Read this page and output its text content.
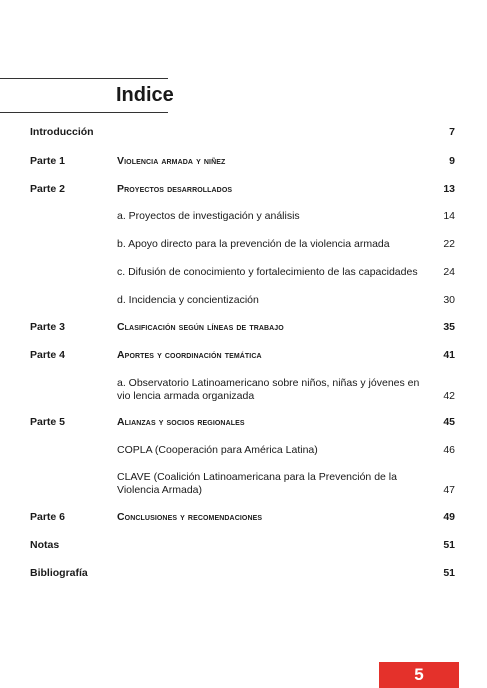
Indice
Introducción	7
Parte 1	Violencia armada y niñez	9
Parte 2	Proyectos desarrollados	13
a. Proyectos de investigación y análisis	14
b. Apoyo directo para la prevención de la violencia armada	22
c. Difusión de conocimiento y fortalecimiento de las capacidades	24
d. Incidencia y concientización	30
Parte 3	Clasificación según líneas de trabajo	35
Parte 4	Aportes y coordinación temática	41
a. Observatorio Latinoamericano sobre niños, niñas y jóvenes en vio lencia armada organizada	42
Parte 5	Alianzas y socios regionales	45
COPLA (Cooperación para América Latina)	46
CLAVE (Coalición Latinoamericana para la Prevención de la Violencia Armada)	47
Parte 6	Conclusiones y recomendaciones	49
Notas	51
Bibliografía	51
5
